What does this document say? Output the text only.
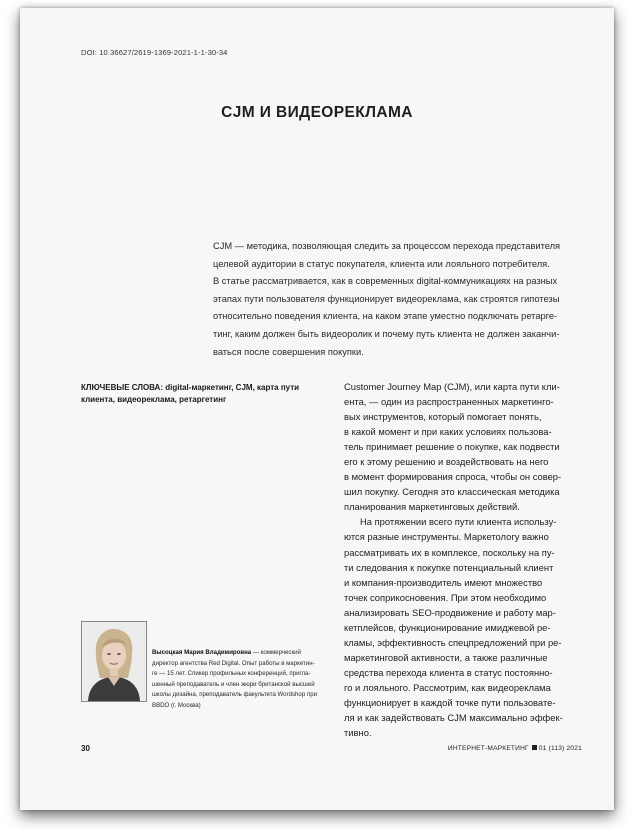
DOI: 10.36627/2619-1369-2021-1-1-30-34
CJM И ВИДЕОРЕКЛАМА

CJM — методика, позволяющая следить за процессом перехода представителя
целевой аудитории в статус покупателя, клиента или лояльного потребителя.
В статье рассматривается, как в современных digital-коммуникациях на разных
этапах пути пользователя функционирует видеореклама, как строятся гипотезы
относительно поведения клиента, на каком этапе уместно подключать ретарге-
тинг, каким должен быть видеоролик и почему путь клиента не должен заканчи-
ваться после совершения покупки.

КЛЮЧЕВЫЕ СЛОВА: digital-маркетинг, CJM, карта пути клиента, видеореклама, ретаргетинг

Customer Journey Map (CJM), или карта пути кли-
ента, — один из распространенных маркетинго-
вых инструментов, который помогает понять,
в какой момент и при каких условиях пользова-
тель принимает решение о покупке, как подвести
его к этому решению и воздействовать на него
в момент формирования спроса, чтобы он совер-
шил покупку. Сегодня это классическая методика
планирования маркетинговых действий.
На протяжении всего пути клиента использу-
ются разные инструменты. Маркетологу важно
рассматривать их в комплексе, поскольку на пу-
ти следования к покупке потенциальный клиент
и компания-производитель имеют множество
точек соприкосновения. При этом необходимо
анализировать SEO-продвижение и работу мар-
кетплейсов, функционирование имиджевой ре-
кламы, эффективность спецпредложений при ре-
маркетинговой активности, а также различные
средства перехода клиента в статус постоянно-
го и лояльного. Рассмотрим, как видеореклама
функционирует в каждой точке пути пользовате-
ля и как задействовать CJM максимально эффек-
тивно.

Высоцкая Мария Владимировна — коммерческий
директор агентства Red Digital. Опыт работы в маркетин-
ге — 15 лет. Спикер профильных конференций, пригла-
шенный преподаватель и член жюри британской высшей
школы дизайна, преподаватель факультета Wordshop при
BBDO (г. Москва)
30	ИНТЕРНЕТ-МАРКЕТИНГ 01 (113) 2021
